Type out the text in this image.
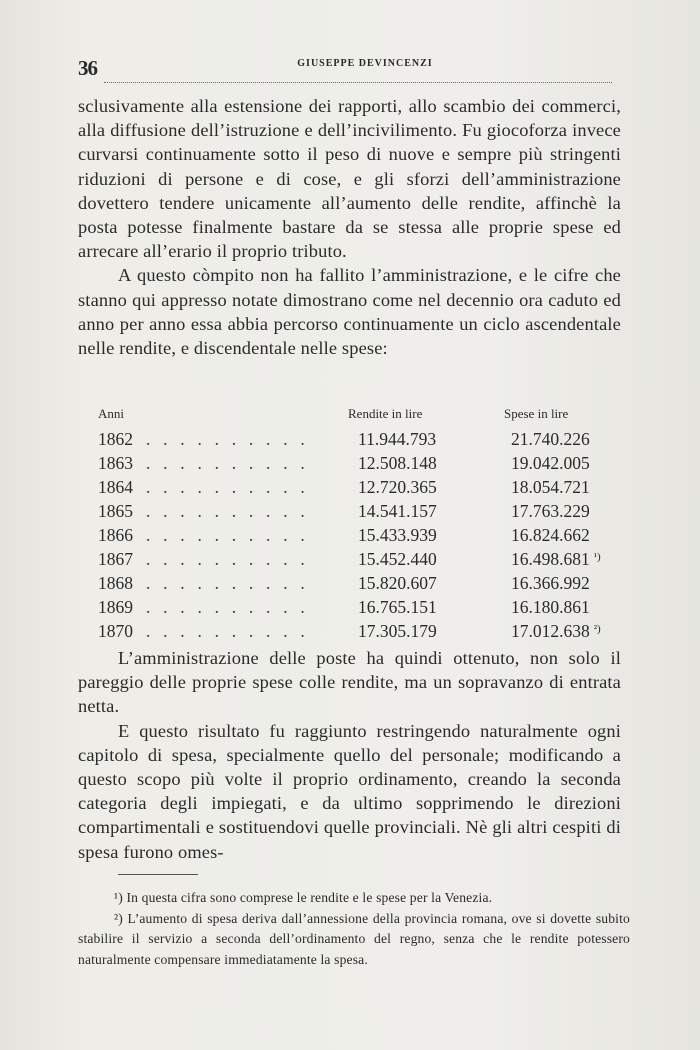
36	GIUSEPPE DEVINCENZI

sclusivamente alla estensione dei rapporti, allo scambio dei commerci, alla diffusione dell’istruzione e dell’incivilimento. Fu giocoforza invece curvarsi continuamente sotto il peso di nuove e sempre più stringenti riduzioni di persone e di cose, e gli sforzi dell’amministrazione dovettero tendere unicamente all’aumento delle rendite, affinchè la posta potesse finalmente bastare da se stessa alle proprie spese ed arrecare all’erario il proprio tributo.

A questo còmpito non ha fallito l’amministrazione, e le cifre che stanno qui appresso notate dimostrano come nel decennio ora caduto ed anno per anno essa abbia percorso continuamente un ciclo ascendentale nelle rendite, e discendentale nelle spese:

Anni	Rendite in lire	Spese in lire
1862 . . . . . . . . . .	11.944.793	21.740.226
1863 . . . . . . . . . .	12.508.148	19.042.005
1864 . . . . . . . . . .	12.720.365	18.054.721
1865 . . . . . . . . . .	14.541.157	17.763.229
1866 . . . . . . . . . .	15.433.939	16.824.662
1867 . . . . . . . . . .	15.452.440	16.498.681 $^{^1)}$
1868 . . . . . . . . . .	15.820.607	16.366.992
1869 . . . . . . . . . .	16.765.151	16.180.861
1870 . . . . . . . . . .	17.305.179	17.012.638 $^{^2)}$

L’amministrazione delle poste ha quindi ottenuto, non solo il pareggio delle proprie spese colle rendite, ma un sopravanzo di entrata netta.

E questo risultato fu raggiunto restringendo naturalmente ogni capitolo di spesa, specialmente quello del personale; modificando a questo scopo più volte il proprio ordinamento, creando la seconda categoria degli impiegati, e da ultimo sopprimendo le direzioni compartimentali e sostituendovi quelle provinciali. Nè gli altri cespiti di spesa furono omes-

¹) In questa cifra sono comprese le rendite e le spese per la Venezia.

²) L’aumento di spesa deriva dall’annessione della provincia romana, ove si dovette subito stabilire il servizio a seconda dell’ordinamento del regno, senza che le rendite potessero naturalmente compensare immediatamente la spesa.
